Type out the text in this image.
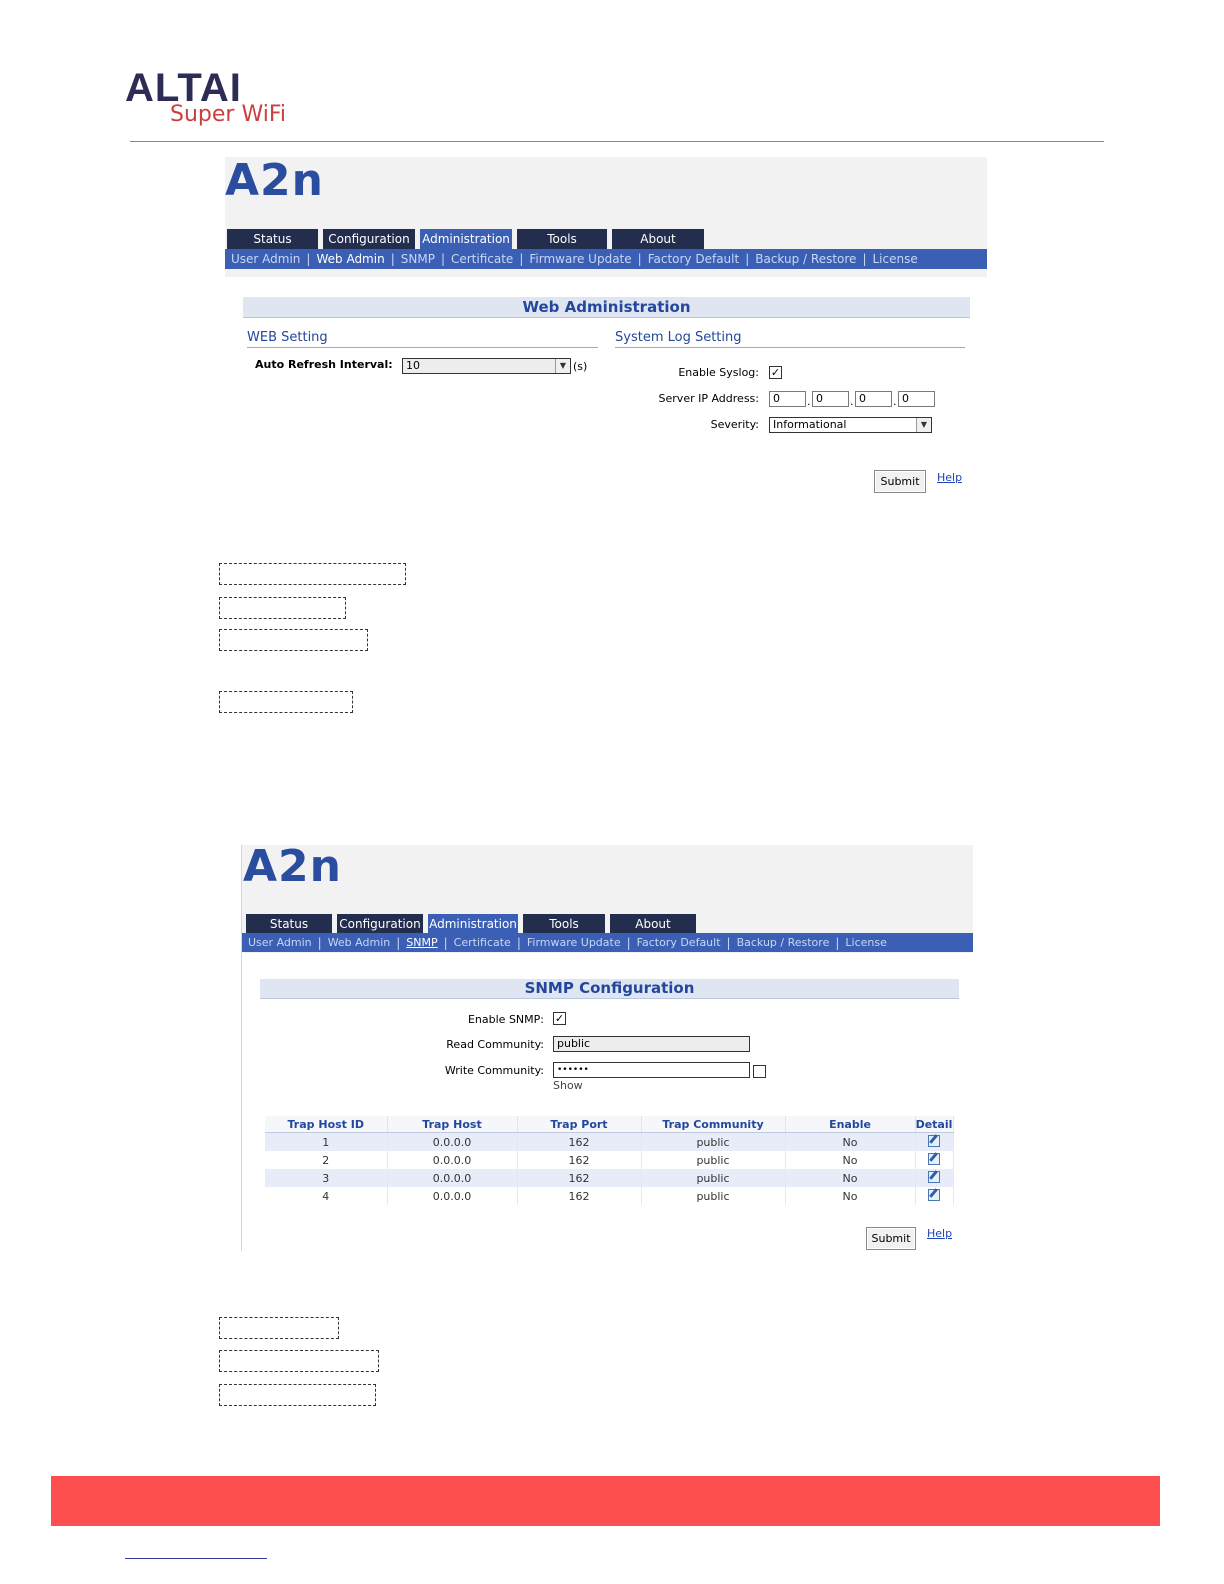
ALTAI
Super WiFi
A2n
Status	Configuration	Administration	Tools	About
User Admin | Web Admin | SNMP | Certificate | Firmware Update | Factory Default | Backup / Restore | License
Web Administration
WEB Setting
Auto Refresh Interval:	10	▼ (s)
System Log Setting
Enable Syslog: ✓
Server IP Address:	0	. 0	. 0	. 0
Severity:	Informational	▼
Submit	Help
A2n
Status	Configuration Administration	Tools	About
User Admin | Web Admin | SNMP | Certificate | Firmware Update | Factory Default | Backup / Restore | License
SNMP Configuration
Enable SNMP: ✓
Read Community:	public
Write Community:	••••••
Show
Trap Host ID	Trap Host	Trap Port	Trap Community	Enable	Detail
1	0.0.0.0	162	public	No	
2	0.0.0.0	162	public	No	
3	0.0.0.0	162	public	No	
4	0.0.0.0	162	public	No	
Submit	Help
